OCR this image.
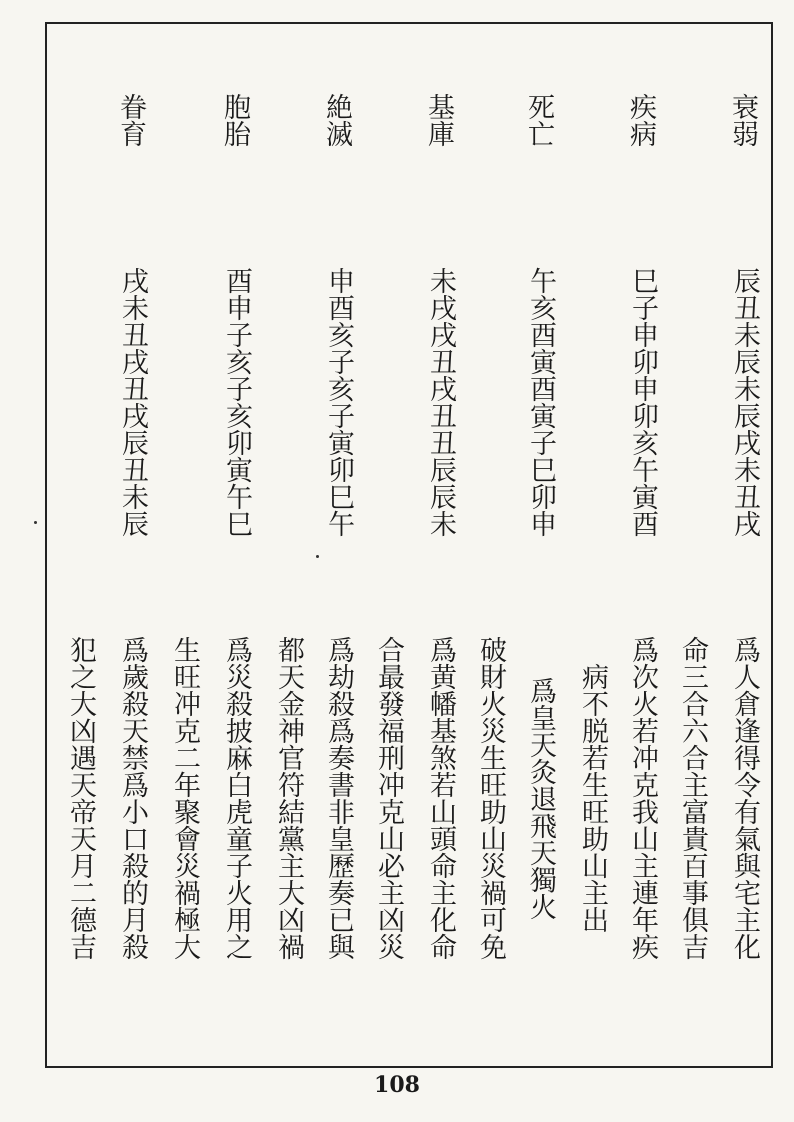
衰弱
疾病
死亡
基庫
絶滅
胞胎
眷育
辰丑未辰未辰戌未丑戌
巳子申卯申卯亥午寅酉
午亥酉寅酉寅子巳卯申
未戌戌丑戌丑丑辰辰未
申酉亥子亥子寅卯巳午
酉申子亥子亥卯寅午巳
戌未丑戌丑戌辰丑未辰
爲人倉逢得令有氣與宅主化
爲次火若冲克我山主連年疾
爲皇天灸退飛天獨火
爲黄幡基煞若山頭命主化命
爲劫殺爲奏書非皇歷奏已與
爲災殺披麻白虎童子火用之
爲歲殺天禁爲小口殺的月殺	命三合六合主富貴百事俱吉
病不脱若生旺助山主出
破財火災生旺助山災禍可免
合最發福刑冲克山必主凶災
都天金神官符結黨主大凶禍
生旺冲克二年聚會災禍極大
犯之大凶遇天帝天月二德吉
108
